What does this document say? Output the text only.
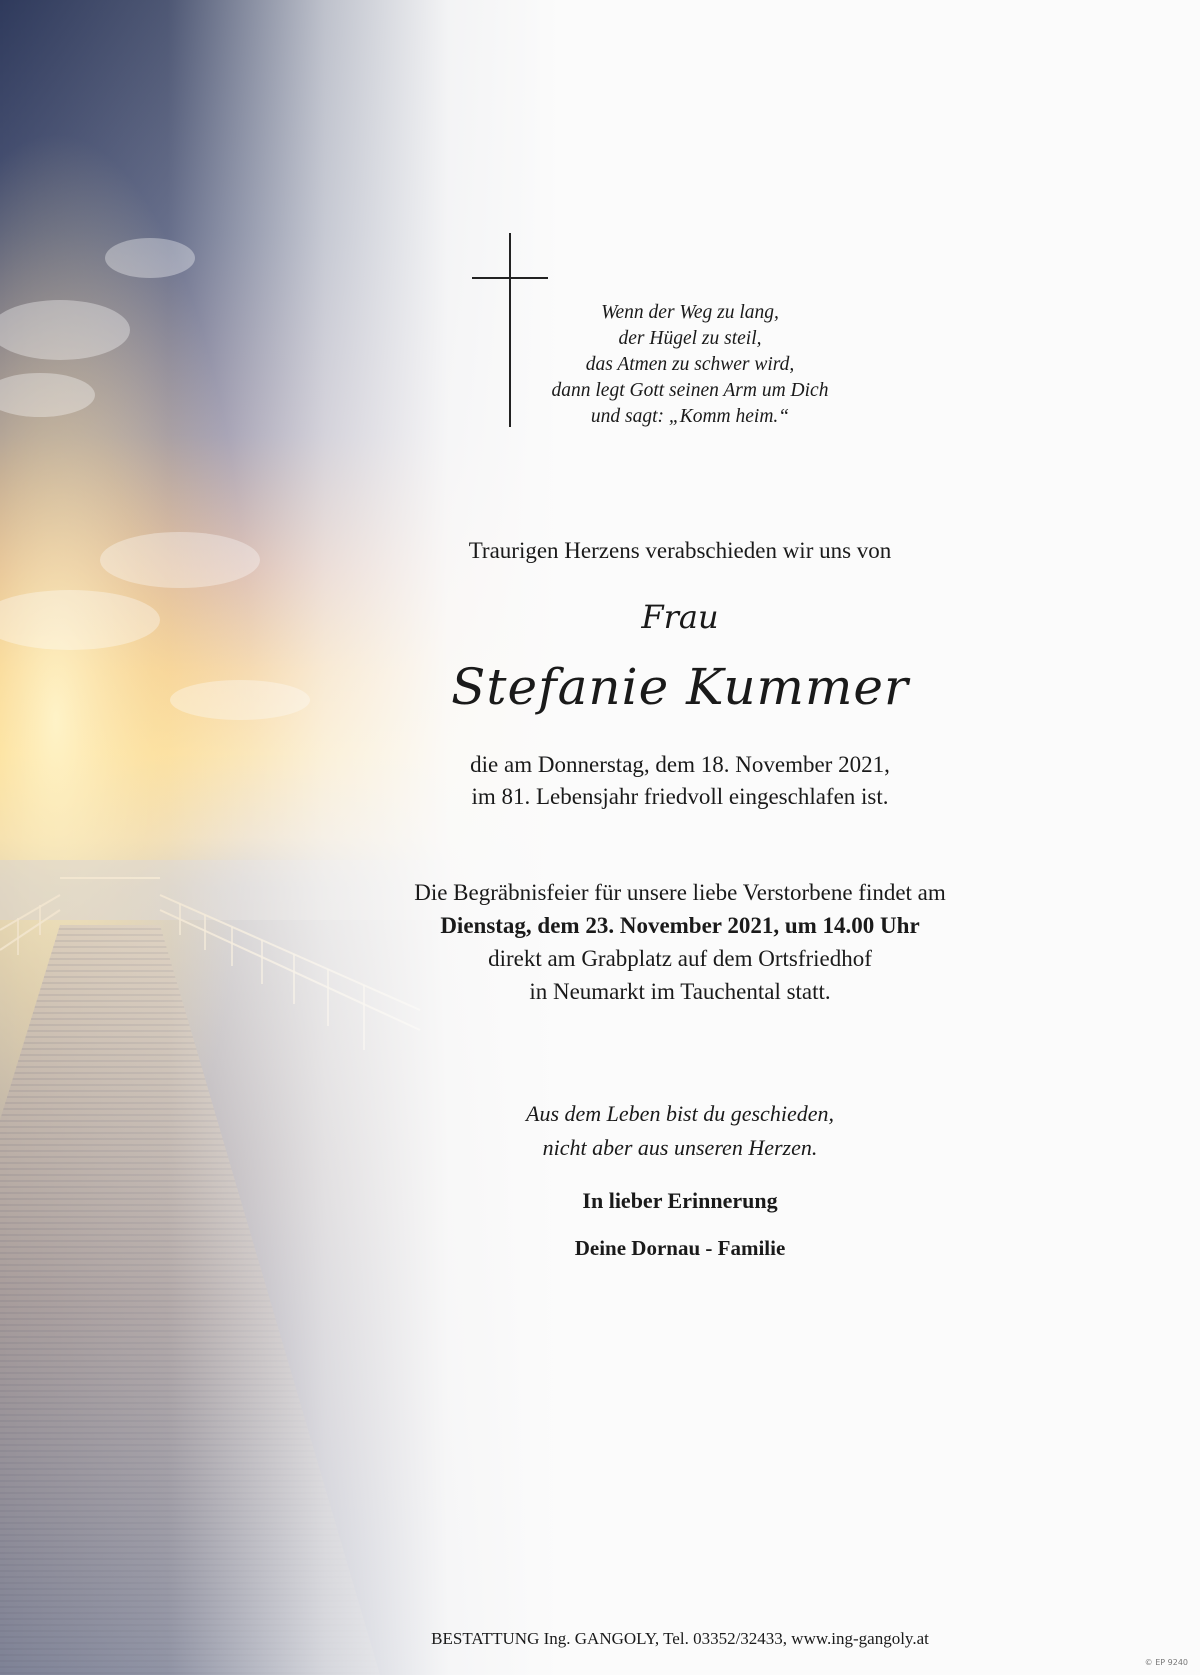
Wenn der Weg zu lang,
der Hügel zu steil,
das Atmen zu schwer wird,
dann legt Gott seinen Arm um Dich
und sagt: „Komm heim.“
Traurigen Herzens verabschieden wir uns von
Frau
Stefanie Kummer
die am Donnerstag, dem 18. November 2021,
im 81. Lebensjahr friedvoll eingeschlafen ist.
Die Begräbnisfeier für unsere liebe Verstorbene findet am
Dienstag, dem 23. November 2021, um 14.00 Uhr
direkt am Grabplatz auf dem Ortsfriedhof
in Neumarkt im Tauchental statt.
Aus dem Leben bist du geschieden,
nicht aber aus unseren Herzen.
In lieber Erinnerung
Deine Dornau - Familie
BESTATTUNG Ing. GANGOLY, Tel. 03352/32433, www.ing-gangoly.at
© EP 9240
